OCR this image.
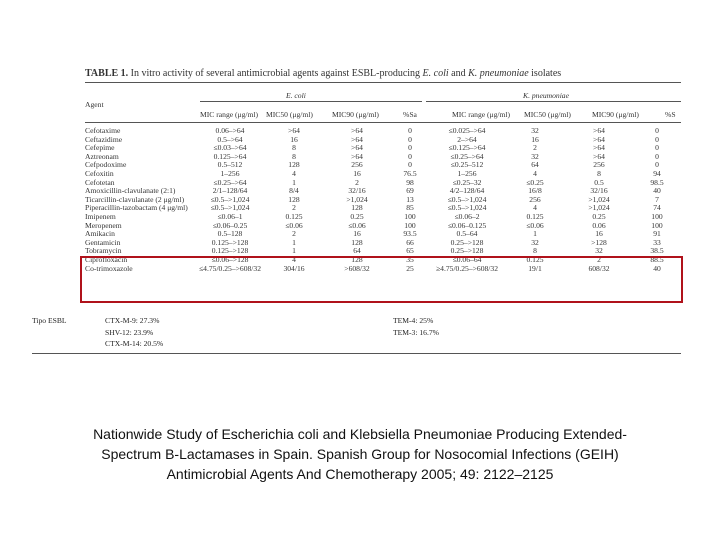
TABLE 1. In vitro activity of several antimicrobial agents against ESBL-producing E. coli and K. pneumoniae isolates
Agent
E. coli	K. pneumoniae
MIC range (μg/ml) MIC50 (μg/ml)	MIC90 (μg/ml)	%Sa	MIC range (μg/ml) MIC50 (μg/ml)	MIC90 (μg/ml)	%S
Cefotaxime	0.06–>64	>64	>64	0	≤0.025–>64	32	>64	0
Ceftazidime	0.5–>64	16	>64	0	2–>64	16	>64	0
Cefepime	≤0.03–>64	8	>64	0	≤0.125–>64	2	>64	0
Aztreonam	0.125–>64	8	>64	0	≤0.25–>64	32	>64	0
Cefpodoxime	0.5–512	128	256	0	≤0.25–512	64	256	0
Cefoxitin	1–256	4	16	76.5	1–256	4	8	94
Cefotetan	≤0.25–>64	1	2	98	≤0.25–32	≤0.25	0.5	98.5
Amoxicillin-clavulanate (2:1)	2/1–128/64	8/4	32/16	69	4/2–128/64	16/8	32/16	40
Ticarcillin-clavulanate (2 μg/ml)	≤0.5–>1,024	128	>1,024	13	≤0.5–>1,024	256	>1,024	7
Piperacillin-tazobactam (4 μg/ml)	≤0.5–>1,024	2	128	85	≤0.5–>1,024	4	>1,024	74
Imipenem	≤0.06–1	0.125	0.25	100	≤0.06–2	0.125	0.25	100
Meropenem	≤0.06–0.25	≤0.06	≤0.06	100	≤0.06–0.125	≤0.06	0.06	100
Amikacin	0.5–128	2	16	93.5	0.5–64	1	16	91
Gentamicin	0.125–>128	1	128	66	0.25–>128	32	>128	33
Tobramycin	0.125–>128	1	64	65	0.25–>128	8	32	38.5
Ciprofloxacin	≤0.06–>128	4	128	35	≤0.06–64	0.125	2	88.5
Co-trimoxazole	≤4.75/0.25–>608/32	304/16	>608/32	25	≥4.75/0.25–>608/32	19/1	608/32	40
Tipo ESBL	CTX-M-9: 27.3%
SHV-12: 23.9%
CTX-M-14: 20.5%
TEM-4: 25%
TEM-3: 16.7%
Nationwide Study of Escherichia coli and Klebsiella Pneumoniae Producing Extended-
Spectrum B-Lactamases in Spain. Spanish Group for Nosocomial Infections (GEIH)
Antimicrobial Agents And Chemotherapy 2005; 49: 2122–2125
